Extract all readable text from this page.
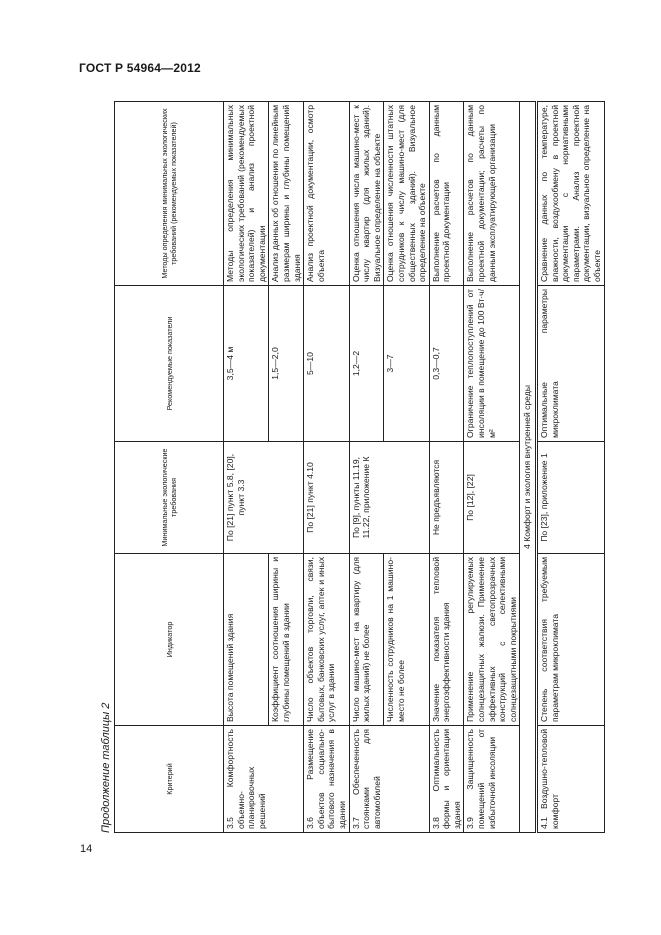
ГОСТ Р 54964—2012
Продолжение таблицы 2	Критерий	Индикатор	Минимальные экологические требования	Рекомендуемые показатели	Методы определения минимальных экологических требований (рекомендуемых показателей)
3.5 Комфортность объемно-планировочных решений	Высота помещений здания	По [21] пункт 5.8, [20], пункт 3.3	3,5—4 м	Методы определения минимальных экологических требований (рекомендуемых показателей) и анализ проектной документации
	Коэффициент соотношения ширины и глубины помещений в здании		1,5—2,0	Анализ данных об отношении по линейным размерам ширины и глубины помещений здания
3.6 Размещение объектов социально-бытового назначения в здании	Число объектов торговли, связи, бытовых, банковских услуг, аптек и иных услуг в здании	По [21] пункт 4.10	5—10	Анализ проектной документации, осмотр объекта
3.7 Обеспеченность стоянками для автомобилей	Число машино-мест на квартиру (для жилых зданий) не более	По [9], пункты 11.19, 11.22, приложение К	1,2—2	Оценка отношения числа машино-мест к числу квартир (для жилых зданий). Визуальное определение на объекте
	Численность сотрудников на 1 машино-место не более		3—7	Оценка отношения численности штатных сотрудников к числу машино-мест (для общественных зданий). Визуальное определение на объекте
3.8 Оптимальность формы и ориентации здания	Значение показателя тепловой энергоэффективности здания	Не предъявляются	0,3—0,7	Выполнение расчетов по данным проектной документации
3.9 Защищенность помещений от избыточной инсоляции	Применение регулируемых солнцезащитных жалюзи. Применение эффективных светопрозрачных конструкций с селективными солнцезащитными покрытиями	По [12], [22]	Ограничение теплопоступлений от инсоляции в помещение до 100 Вт·ч/м²	Выполнение расчетов по данным проектной документации; расчеты по данным эксплуатирующей организации
4 Комфорт и экология внутренней среды				
4.1 Воздушно-тепловой комфорт	Степень соответствия требуемым параметрам микроклимата	По [23], приложение 1	Оптимальные параметры микроклимата	Сравнение данных по температуре, влажности, воздухообмену в проектной документации с нормативными параметрами. Анализ проектной документации, визуальное определение на объекте
14
